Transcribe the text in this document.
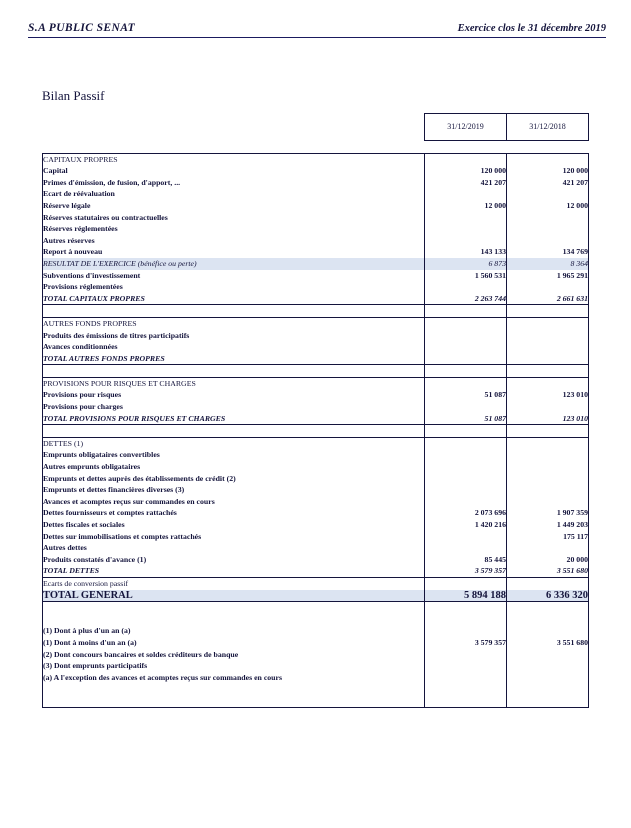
S.A PUBLIC SENAT	Exercice clos le 31 décembre 2019
Bilan Passif
	31/12/2019	31/12/2018

CAPITAUX PROPRES		
Capital	120 000	120 000
Primes d'émission, de fusion, d'apport, ...	421 207	421 207
Ecart de réévaluation		
Réserve légale	12 000	12 000
Réserves statutaires ou contractuelles		
Réserves réglementées		
Autres réserves		
Report à nouveau	143 133	134 769
RESULTAT DE L'EXERCICE (bénéfice ou perte)	6 873	8 364
Subventions d'investissement	1 560 531	1 965 291
Provisions réglementées		
TOTAL CAPITAUX PROPRES	2 263 744	2 661 631

AUTRES FONDS PROPRES		
Produits des émissions de titres participatifs		
Avances conditionnées		
TOTAL AUTRES FONDS PROPRES		

PROVISIONS POUR RISQUES ET CHARGES		
Provisions pour risques	51 087	123 010
Provisions pour charges		
TOTAL PROVISIONS POUR RISQUES ET CHARGES	51 087	123 010

DETTES (1)		
Emprunts obligataires convertibles		
Autres emprunts obligataires		
Emprunts et dettes auprès des établissements de crédit (2)		
Emprunts et dettes financières diverses (3)		
Avances et acomptes reçus sur commandes en cours		
Dettes fournisseurs et comptes rattachés	2 073 696	1 907 359
Dettes fiscales et sociales	1 420 216	1 449 203
Dettes sur immobilisations et comptes rattachés		175 117
Autres dettes		
Produits constatés d'avance (1)	85 445	20 000
TOTAL DETTES	3 579 357	3 551 680
Ecarts de conversion passif		
TOTAL GENERAL	5 894 188	6 336 320

(1) Dont à plus d'un an (a)		
(1) Dont à moins d'un an (a)	3 579 357	3 551 680
(2) Dont concours bancaires et soldes créditeurs de banque		
(3) Dont emprunts participatifs		
(a) A l'exception des avances et acomptes reçus sur commandes en cours		
